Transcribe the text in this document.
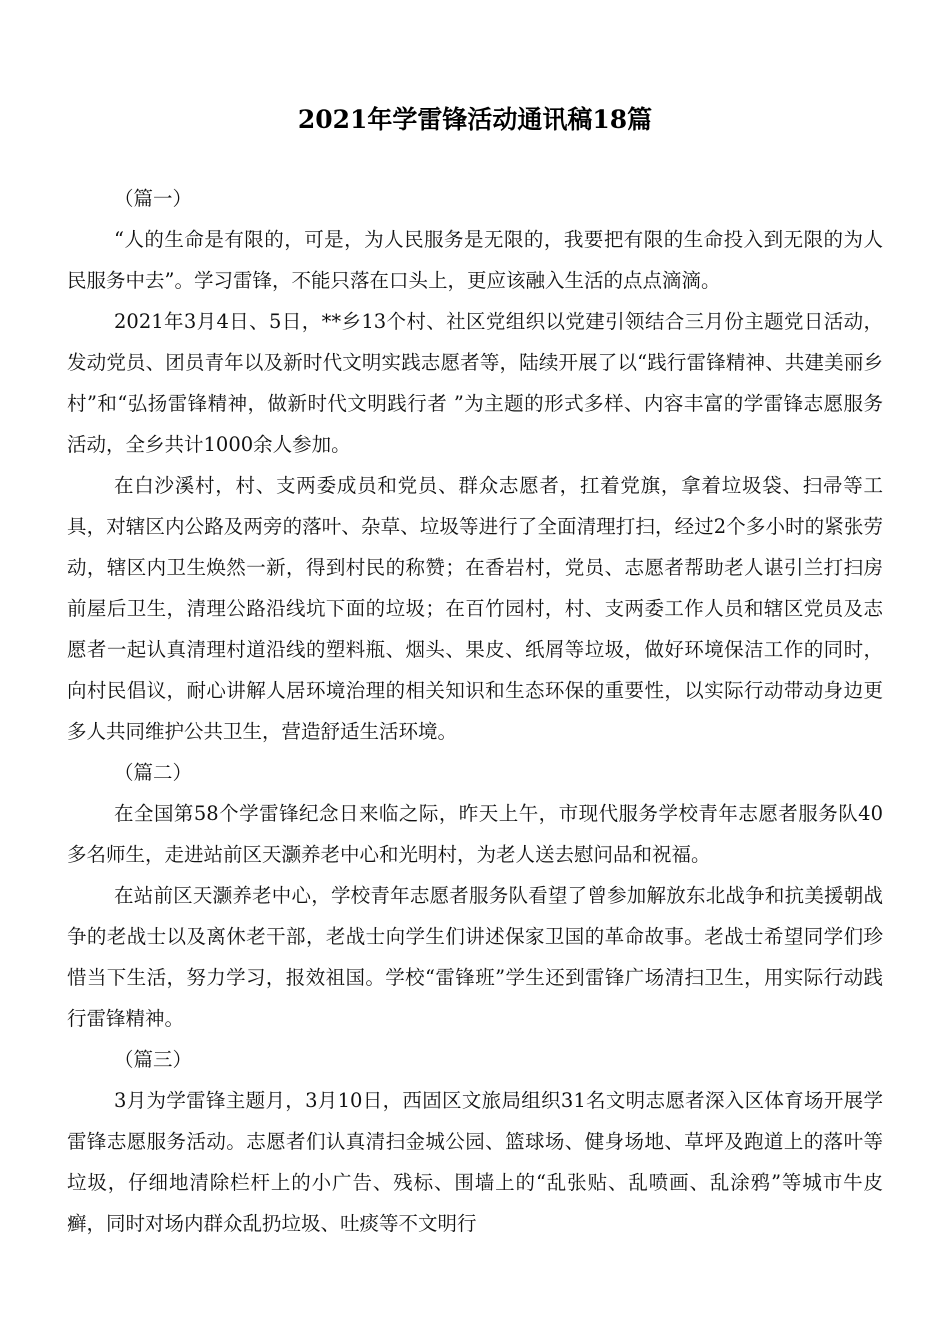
2021年学雷锋活动通讯稿18篇

（篇一）

“人的生命是有限的，可是，为人民服务是无限的，我要把有限的生命投入到无限的为人民服务中去”。学习雷锋，不能只落在口头上，更应该融入生活的点点滴滴。

2021年3月4日、5日，**乡13个村、社区党组织以党建引领结合三月份主题党日活动，发动党员、团员青年以及新时代文明实践志愿者等，陆续开展了以“践行雷锋精神、共建美丽乡村”和“弘扬雷锋精神，做新时代文明践行者 ”为主题的形式多样、内容丰富的学雷锋志愿服务活动，全乡共计1000余人参加。

在白沙溪村，村、支两委成员和党员、群众志愿者，扛着党旗，拿着垃圾袋、扫帚等工具，对辖区内公路及两旁的落叶、杂草、垃圾等进行了全面清理打扫，经过2个多小时的紧张劳动，辖区内卫生焕然一新，得到村民的称赞；在香岩村，党员、志愿者帮助老人谌引兰打扫房前屋后卫生，清理公路沿线坑下面的垃圾；在百竹园村，村、支两委工作人员和辖区党员及志愿者一起认真清理村道沿线的塑料瓶、烟头、果皮、纸屑等垃圾，做好环境保洁工作的同时，向村民倡议，耐心讲解人居环境治理的相关知识和生态环保的重要性，以实际行动带动身边更多人共同维护公共卫生，营造舒适生活环境。

（篇二）

在全国第58个学雷锋纪念日来临之际，昨天上午，市现代服务学校青年志愿者服务队40多名师生，走进站前区天灏养老中心和光明村，为老人送去慰问品和祝福。

在站前区天灏养老中心，学校青年志愿者服务队看望了曾参加解放东北战争和抗美援朝战争的老战士以及离休老干部，老战士向学生们讲述保家卫国的革命故事。老战士希望同学们珍惜当下生活，努力学习，报效祖国。学校“雷锋班”学生还到雷锋广场清扫卫生，用实际行动践行雷锋精神。

（篇三）

3月为学雷锋主题月，3月10日，西固区文旅局组织31名文明志愿者深入区体育场开展学雷锋志愿服务活动。志愿者们认真清扫金城公园、篮球场、健身场地、草坪及跑道上的落叶等垃圾，仔细地清除栏杆上的小广告、残标、围墙上的“乱张贴、乱喷画、乱涂鸦”等城市牛皮癣，同时对场内群众乱扔垃圾、吐痰等不文明行
